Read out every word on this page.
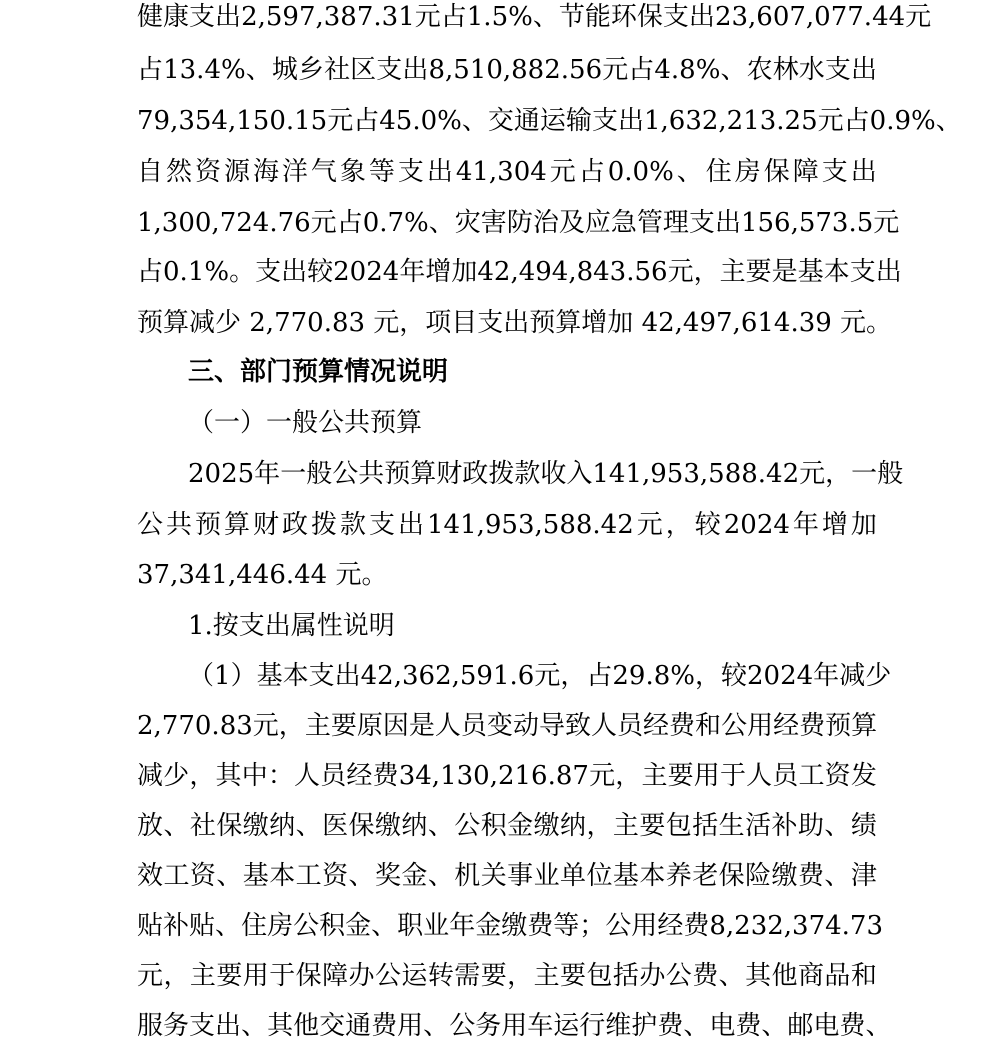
健 康 支 出 2,597,387.31 元 占 1.5% 、 节 能 环 保 支 出 23,607,077.44 元
占 13.4% 、 城 乡 社 区 支 出 8,510,882.56 元 占 4.8% 、 农 林 水 支 出
79,354,150.15 元 占 45.0% 、 交 通 运 输 支 出 1,632,213.25 元 占 0.9% 、
自 然 资 源 海 洋 气 象 等 支 出 41,304 元 占 0.0% 、 住 房 保 障 支 出
1,300,724.76 元 占 0.7% 、 灾 害 防 治 及 应 急 管 理 支 出 156,573.5 元
占 0.1% 。 支 出 较 2024 年 增 加 42,494,843.56 元 ， 主 要 是 基 本 支 出
预算减少 2,770.83 元，项目支出预算增加 42,497,614.39 元。
三、部门预算情况说明
（一）一般公共预算
2025 年 一 般 公 共 预 算 财 政 拨 款 收 入 141,953,588.42 元 ， 一 般
公 共 预 算 财 政 拨 款 支 出 141,953,588.42 元 ， 较 2024 年 增 加
37,341,446.44 元。
1.按支出属性说明
（ 1 ） 基 本 支 出 42,362,591.6 元 ， 占 29.8% ， 较 2024 年 减 少
2,770.83 元 ， 主 要 原 因 是 人 员 变 动 导 致 人 员 经 费 和 公 用 经 费 预 算
减 少 ， 其 中 ： 人 员 经 费 34,130,216.87 元 ， 主 要 用 于 人 员 工 资 发
放 、 社 保 缴 纳 、 医 保 缴 纳 、 公 积 金 缴 纳 ， 主 要 包 括 生 活 补 助 、 绩
效 工 资 、 基 本 工 资 、 奖 金 、 机 关 事 业 单 位 基 本 养 老 保 险 缴 费 、 津
贴 补 贴 、 住 房 公 积 金 、 职 业 年 金 缴 费 等 ； 公 用 经 费 8,232,374.73
元 ， 主 要 用 于 保 障 办 公 运 转 需 要 ， 主 要 包 括 办 公 费 、 其 他 商 品 和
服 务 支 出 、 其 他 交 通 费 用 、 公 务 用 车 运 行 维 护 费 、 电 费 、 邮 电 费 、
